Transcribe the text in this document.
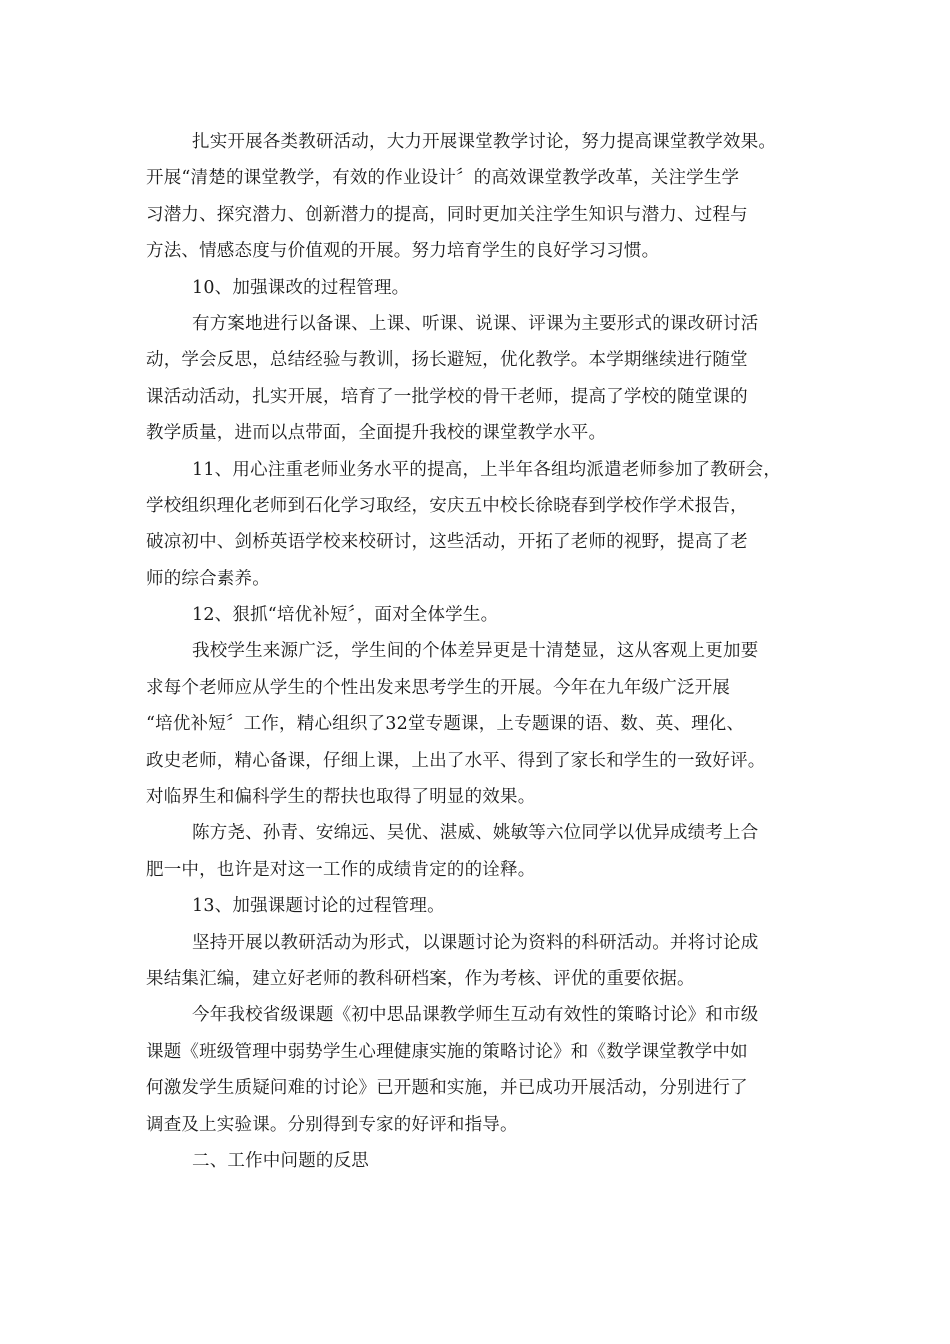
扎实开展各类教研活动，大力开展课堂教学讨论，努力提高课堂教学效果。
开展“清楚的课堂教学，有效的作业设计〞的高效课堂教学改革，关注学生学
习潜力、探究潜力、创新潜力的提高，同时更加关注学生知识与潜力、过程与
方法、情感态度与价值观的开展。努力培育学生的良好学习习惯。
10、加强课改的过程管理。
有方案地进行以备课、上课、听课、说课、评课为主要形式的课改研讨活
动，学会反思，总结经验与教训，扬长避短，优化教学。本学期继续进行随堂
课活动活动，扎实开展，培育了一批学校的骨干老师，提高了学校的随堂课的
教学质量，进而以点带面，全面提升我校的课堂教学水平。
11、用心注重老师业务水平的提高，上半年各组均派遣老师参加了教研会，
学校组织理化老师到石化学习取经，安庆五中校长徐晓春到学校作学术报告，
破凉初中、剑桥英语学校来校研讨，这些活动，开拓了老师的视野，提高了老
师的综合素养。
12、狠抓“培优补短〞，面对全体学生。
我校学生来源广泛，学生间的个体差异更是十清楚显，这从客观上更加要
求每个老师应从学生的个性出发来思考学生的开展。今年在九年级广泛开展
“培优补短〞工作，精心组织了32堂专题课，上专题课的语、数、英、理化、
政史老师，精心备课，仔细上课，上出了水平、得到了家长和学生的一致好评。
对临界生和偏科学生的帮扶也取得了明显的效果。
陈方尧、孙青、安绵远、吴优、湛威、姚敏等六位同学以优异成绩考上合
肥一中，也许是对这一工作的成绩肯定的的诠释。
13、加强课题讨论的过程管理。
坚持开展以教研活动为形式，以课题讨论为资料的科研活动。并将讨论成
果结集汇编，建立好老师的教科研档案，作为考核、评优的重要依据。
今年我校省级课题《初中思品课教学师生互动有效性的策略讨论》和市级
课题《班级管理中弱势学生心理健康实施的策略讨论》和《数学课堂教学中如
何激发学生质疑问难的讨论》已开题和实施，并已成功开展活动，分别进行了
调查及上实验课。分别得到专家的好评和指导。
二、工作中问题的反思
